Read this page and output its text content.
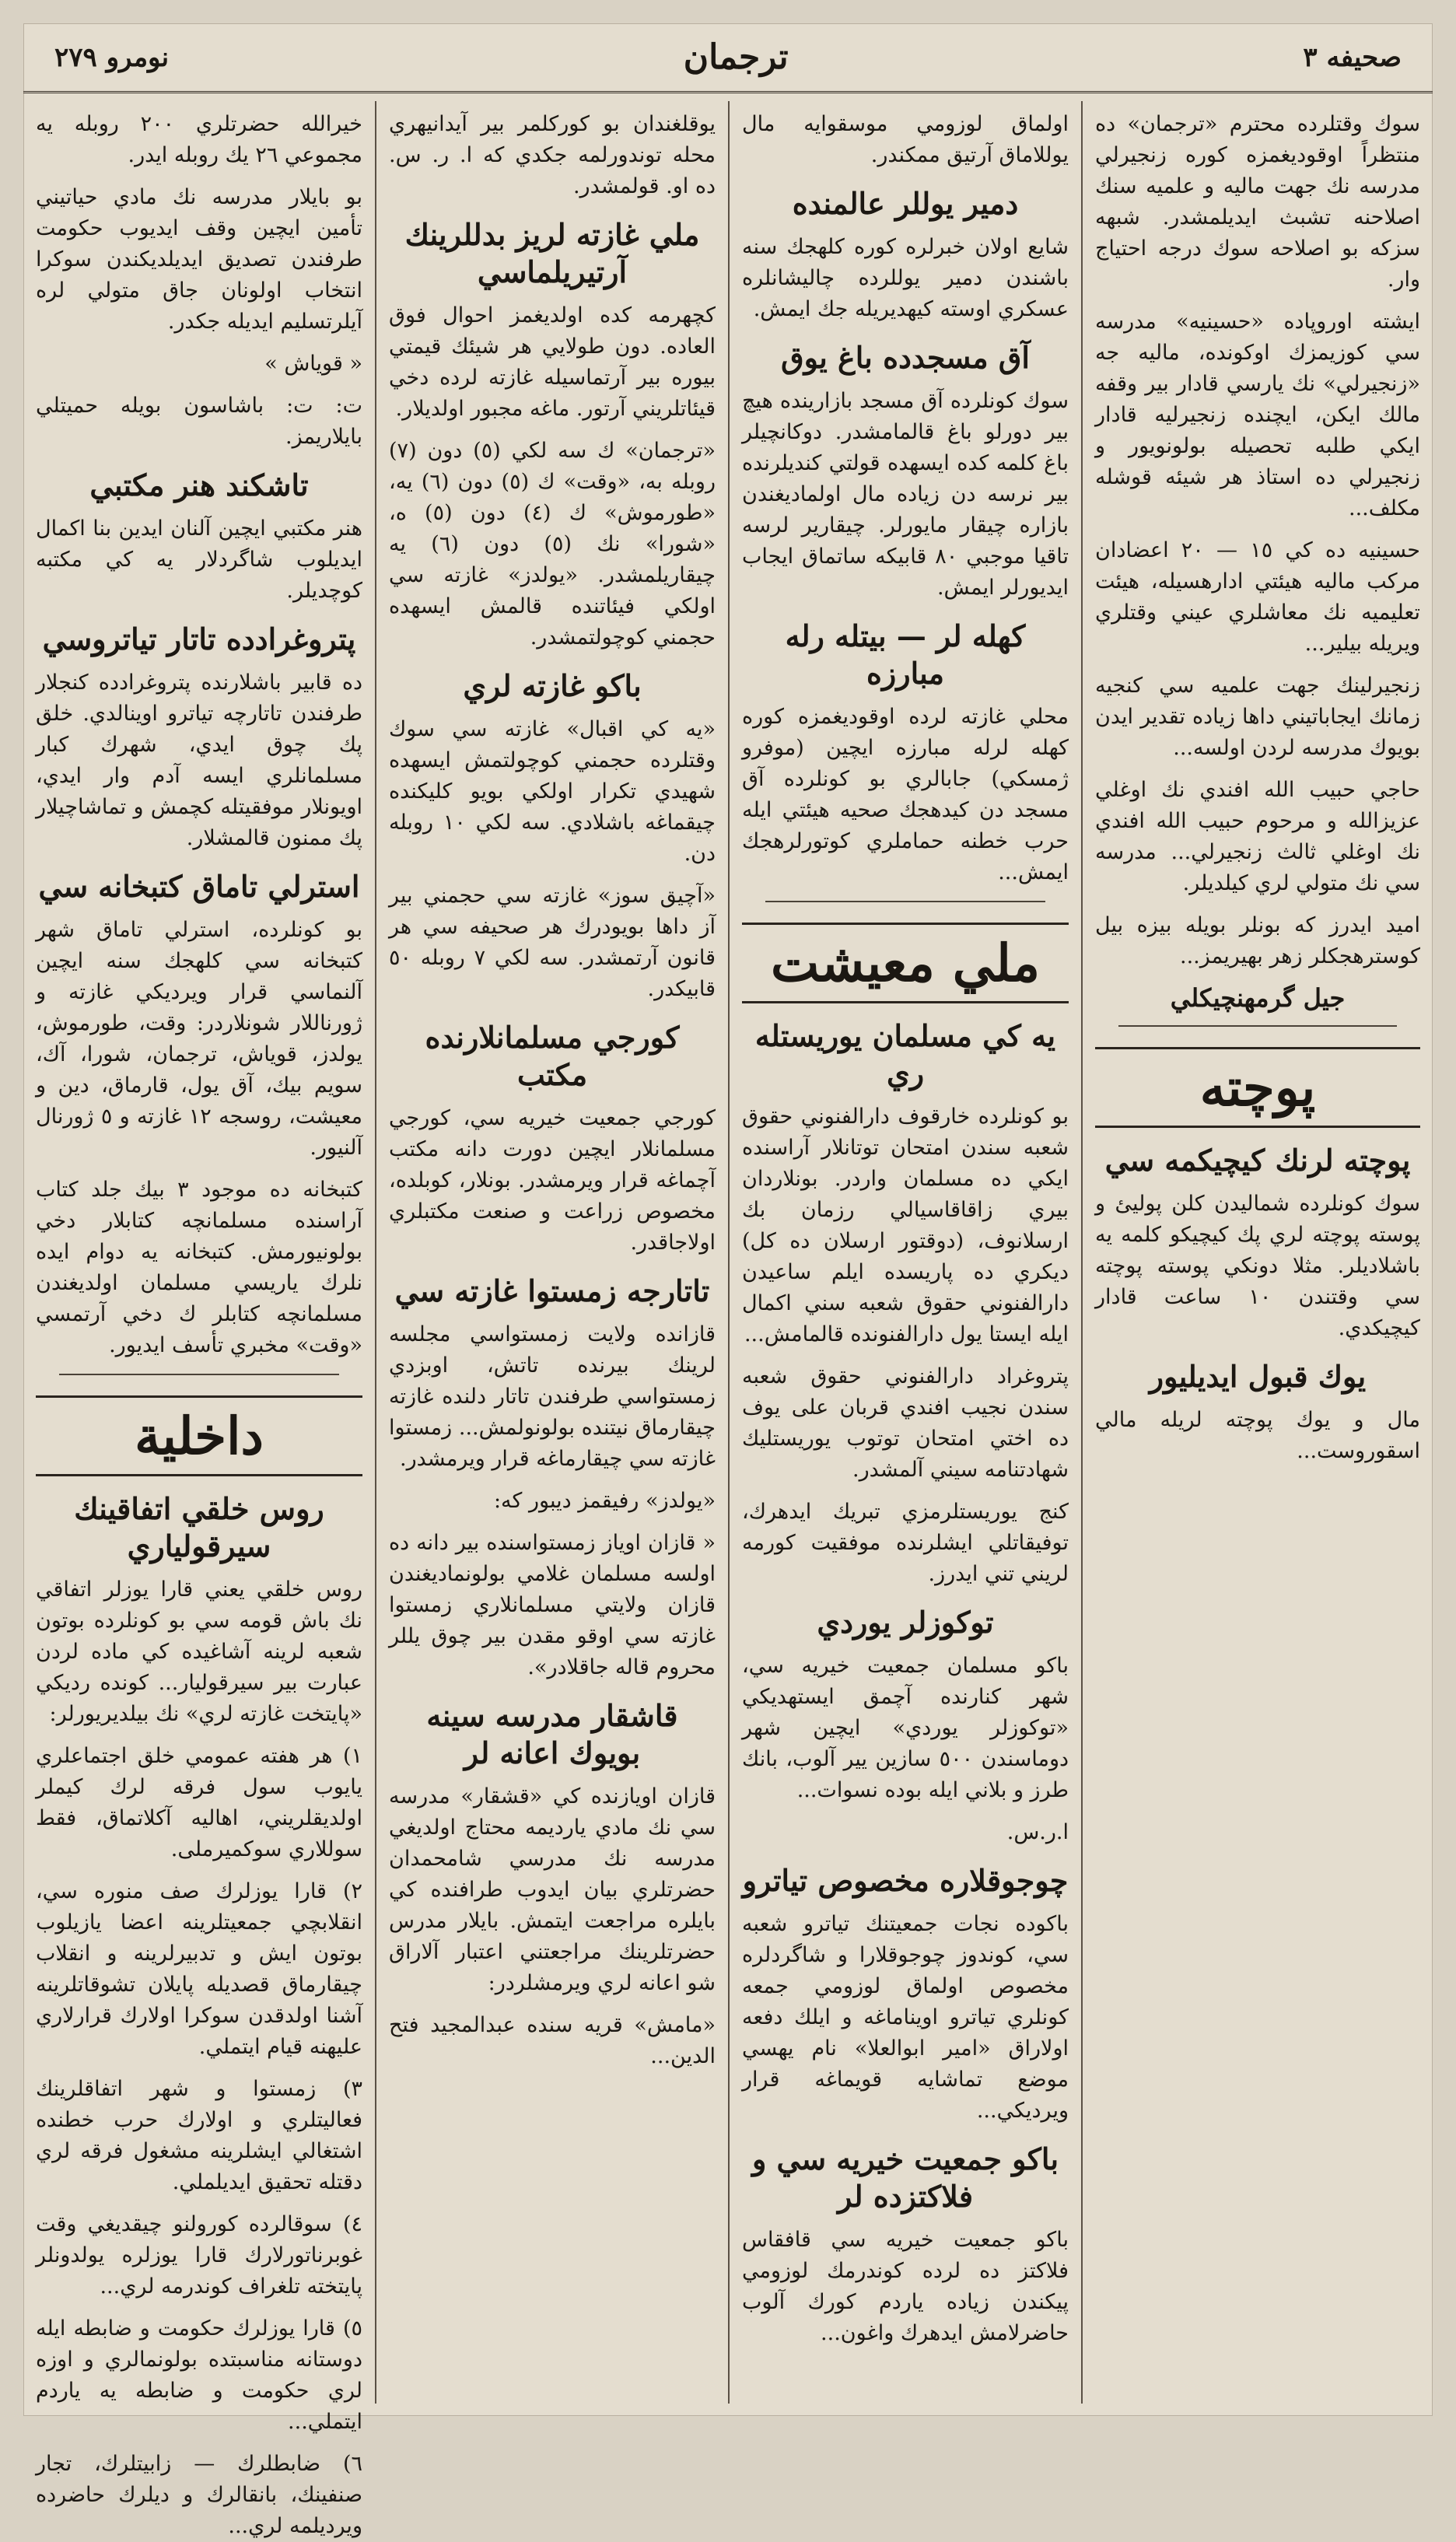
صحيفه ٣
ترجمان
نومرو ٢٧٩
سوك وقتلرده محترم «ترجمان» ده منتظراً اوقوديغمزه كوره زنجيرلي مدرسه نك جهت ماليه و علميه سنك اصلاحنه تشبث ايديلمشدر. شبهه سزكه بو اصلاحه سوك درجه احتياج وار.
ايشته اوروپاده «حسينيه» مدرسه سي كوزيمزك اوكونده، ماليه جه «زنجيرلي» نك يارسي قادار بير وقفه مالك ايكن، ايچنده زنجيرليه قادار ايكي طلبه تحصيله بولونويور و زنجيرلي ده استاذ هر شيئه قوشله مكلف...
حسينيه ده كي ١٥ — ٢٠ اعضادان مركب ماليه هيئتي ادارهسيله، هيئت تعليميه نك معاشلري عيني وقتلري ويريله بيلير...
زنجيرلينك جهت علميه سي كنجيه زمانك ايجاباتيني داها زياده تقدير ايدن بويوك مدرسه لردن اولسه...
حاجي حبيب الله افندي نك اوغلي عزيزالله و مرحوم حبيب الله افندي نك اوغلي ثالث زنجيرلي... مدرسه سي نك متولي لري كيلديلر.
اميد ايدرز كه بونلر بويله بيزه بيل كوسترهجكلر زهر بهيريمز...
جيل گرمهنچيكلي
پوچته
پوچته لرنك كيچيكمه سي
سوك كونلرده شماليدن كلن پوليئ و پوسته پوچته لري پك كيچيكو كلمه يه باشلاديلر. مثلا دونكي پوسته پوچته سي وقتندن ١٠ ساعت قادار كيچيكدي.
يوك قبول ايديليور
مال و يوك پوچته لريله مالي اسقوروست...
اولماق لوزومي موسقوايه مال يوللاماق آرتيق ممكندر.
دمير يوللر عالمنده
شايع اولان خبرلره كوره كلهجك سنه باشندن دمير يوللرده چاليشانلره عسكري اوسته كيهديريله جك ايمش.
آق مسجدده باغ يوق
سوك كونلرده آق مسجد بازارينده هيچ بير دورلو باغ قالمامشدر. دوكانچيلر باغ كلمه كده ايسهده قولتي كنديلرنده بير نرسه دن زياده مال اولماديغندن بازاره چيقار مايورلر. چيقارير لرسه تاقيا موجبي ٨٠ قابيكه ساتماق ايجاب ايديورلر ايمش.
كهله لر — بيتله رله مبارزه
محلي غازته لرده اوقوديغمزه كوره كهله لرله مبارزه ايچين (موفرو ژمسكي) جابالري بو كونلرده آق مسجد دن كيدهجك صحيه هيئتي ايله حرب خطنه حماملري كوتورلرهجك ايمش...
ملي معيشت
يه كي مسلمان يوريستله ري
بو كونلرده خارقوف دارالفنوني حقوق شعبه سندن امتحان توتانلار آراسنده ايكي ده مسلمان واردر. بونلاردان بيري زاقاقاسيالي رزمان بك ارسلانوف، (دوقتور ارسلان ده كل) ديكري ده پاريسده ايلم ساعيدن دارالفنوني حقوق شعبه سني اكمال ايله ايستا يول دارالفنونده قالمامش...
پتروغراد دارالفنوني حقوق شعبه سندن نجيب افندي قربان على يوف ده اختي امتحان توتوب يوريستليك شهادتنامه سيني آلمشدر.
كنج يوريستلرمزي تبريك ايدهرك، توفيقاتلي ايشلرنده موفقيت كورمه لريني تني ايدرز.
توكوزلر يوردي
باكو مسلمان جمعيت خيريه سي، شهر كنارنده آچمق ايستهديكي «توكوزلر يوردي» ايچين شهر دوماسندن ٥٠٠ سازين يير آلوب، بانك طرز و بلاني ايله بوده نسوات...
ا.ر.س.
چوجوقلاره مخصوص تياترو
باكوده نجات جمعيتنك تياترو شعبه سي، كوندوز چوجوقلارا و شاگردلره مخصوص اولماق لوزومي جمعه كونلري تياترو اويناماغه و ايلك دفعه اولاراق «امير ابوالعلا» نام يهسي موضع تماشايه قويماغه قرار ويرديكي...
باكو جمعيت خيريه سي و فلاكتزده لر
باكو جمعيت خيريه سي قافقاس فلاكتز ده لرده كوندرمك لوزومي پيكندن زياده ياردم كورك آلوب حاضرلامش ايدهرك واغون...
يوقلغندان بو كوركلمر بير آيدانيهري محله توندورلمه جكدي كه ا. ر. س. ده او. قولمشدر.
ملي غازته لريز بدللرينك آرتيريلماسي
كچهرمه كده اولديغمز احوال فوق العاده. دون طولايي هر شيئك قيمتي بيوره بير آرتماسيله غازته لرده دخي قيئاتلريني آرتور. ماغه مجبور اولديلار.
«ترجمان» ك سه لكي (٥) دون (٧) روبله به، «وقت» ك (٥) دون (٦) يه، «طورموش» ك (٤) دون (٥) ه، «شورا» نك (٥) دون (٦) يه چيقاريلمشدر. «يولدز» غازته سي اولكي فيئاتنده قالمش ايسهده حجمني كوچولتمشدر.
باكو غازته لري
«يه كي اقبال» غازته سي سوك وقتلرده حجمني كوچولتمش ايسهده شهيدي تكرار اولكي بويو كليكنده چيقماغه باشلادي. سه لكي ١٠ روبله دن.
«آچيق سوز» غازته سي حجمني بير آز داها بويودرك هر صحيفه سي هر قانون آرتمشدر. سه لكي ٧ روبله ٥٠ قابيكدر.
كورجي مسلمانلارنده مكتب
كورجي جمعيت خيريه سي، كورجي مسلمانلار ايچين دورت دانه مكتب آچماغه قرار ويرمشدر. بونلار، كوبلده، مخصوص زراعت و صنعت مكتبلري اولاجاقدر.
تاتارجه زمستوا غازته سي
قازانده ولايت زمستواسي مجلسه لرينك بيرنده تاتش، اوبزدي زمستواسي طرفندن تاتار دلنده غازته چيقارماق نيتنده بولونولمش... زمستوا غازته سي چيقارماغه قرار ويرمشدر.
«يولدز» رفيقمز ديبور كه:
« قازان اوياز زمستواسنده بير دانه ده اولسه مسلمان غلامي بولونماديغندن قازان ولايتي مسلمانلاري زمستوا غازته سي اوقو مقدن بير چوق يللر محروم قاله جاقلادر».
قاشقار مدرسه سينه بويوك اعانه لر
قازان اويازنده كي «قشقار» مدرسه سي نك مادي يارديمه محتاج اولديغي مدرسه نك مدرسي شامحمدان حضرتلري بيان ايدوب طرافنده كي بايلره مراجعت ايتمش. بايلار مدرس حضرتلرينك مراجعتني اعتبار آلاراق شو اعانه لري ويرمشلردر:
«مامش» قريه سنده عبدالمجيد فتح الدين...
خيرالله حضرتلري ٢٠٠ روبله يه مجموعي ٢٦ يك روبله ايدر.
بو بايلار مدرسه نك مادي حياتيني تأمين ايچين وقف ايديوب حكومت طرفندن تصديق ايديلديكندن سوكرا انتخاب اولونان جاق متولي لره آيلرتسليم ايديله جكدر.
« قوياش »
ت: ت: باشاسون بويله حميتلي بايلاريمز.
تاشكند هنر مكتبي
هنر مكتبي ايچين آلنان ايدين بنا اكمال ايديلوب شاگردلار يه كي مكتبه كوچديلر.
پتروغرادده تاتار تياتروسي
ده قابير باشلارنده پتروغرادده كنجلار طرفندن تاتارچه تياترو اوينالدي. خلق پك چوق ايدي، شهرك كبار مسلمانلري ايسه آدم وار ايدي، اويونلار موفقيتله كچمش و تماشاچيلار پك ممنون قالمشلار.
استرلي تاماق كتبخانه سي
بو كونلرده، استرلي تاماق شهر كتبخانه سي كلهجك سنه ايچين آلنماسي قرار ويرديكي غازته و ژورناللار شونلاردر: وقت، طورموش، يولدز، قوياش، ترجمان، شورا، آك، سويم بيك، آق يول، قارماق، دين و معيشت، روسجه ١٢ غازته و ٥ ژورنال آلنيور.
كتبخانه ده موجود ٣ بيك جلد كتاب آراسنده مسلمانچه كتابلار دخي بولونيورمش. كتبخانه يه دوام ايده نلرك ياريسي مسلمان اولديغندن مسلمانچه كتابلر ك دخي آرتمسي «وقت» مخبري تأسف ايديور.
داخلية
روس خلقي اتفاقينك سيرقولياري
روس خلقي يعني قارا يوزلر اتفاقي نك باش قومه سي بو كونلرده بوتون شعبه لرينه آشاغيده كي ماده لردن عبارت بير سيرقوليار... كونده رديكي «پايتخت غازته لري» نك بيلديريورلر:
١) هر هفته عمومي خلق اجتماعلري يايوب سول فرقه لرك كيملر اولديقلريني، اهاليه آكلاتماق، فقط سوللاري سوكميرملى.
٢) قارا يوزلرك صف منوره سي، انقلابچي جمعيتلرينه اعضا يازيلوب بوتون ايش و تدبيرلرينه و انقلاب چيقارماق قصديله پايلان تشوقاتلرينه آشنا اولدقدن سوكرا اولارك قرارلاري عليهنه قيام ايتملي.
٣) زمستوا و شهر اتفاقلرينك فعاليتلري و اولارك حرب خطنده اشتغالي ايشلرينه مشغول فرقه لري دقتله تحقيق ايديلملي.
٤) سوقالرده كورولنو چيقديغي وقت غوبرناتورلارك قارا يوزلره يولدونلر پايتخته تلغراف كوندرمه لري...
٥) قارا يوزلرك حكومت و ضابطه ايله دوستانه مناسبتده بولونمالري و اوزه لري حكومت و ضابطه يه ياردم ايتملي...
٦) ضابطلرك — زابيتلرك، تجار صنفينك، بانقالرك و ديلرك حاضرده ويرديلمه لري...
